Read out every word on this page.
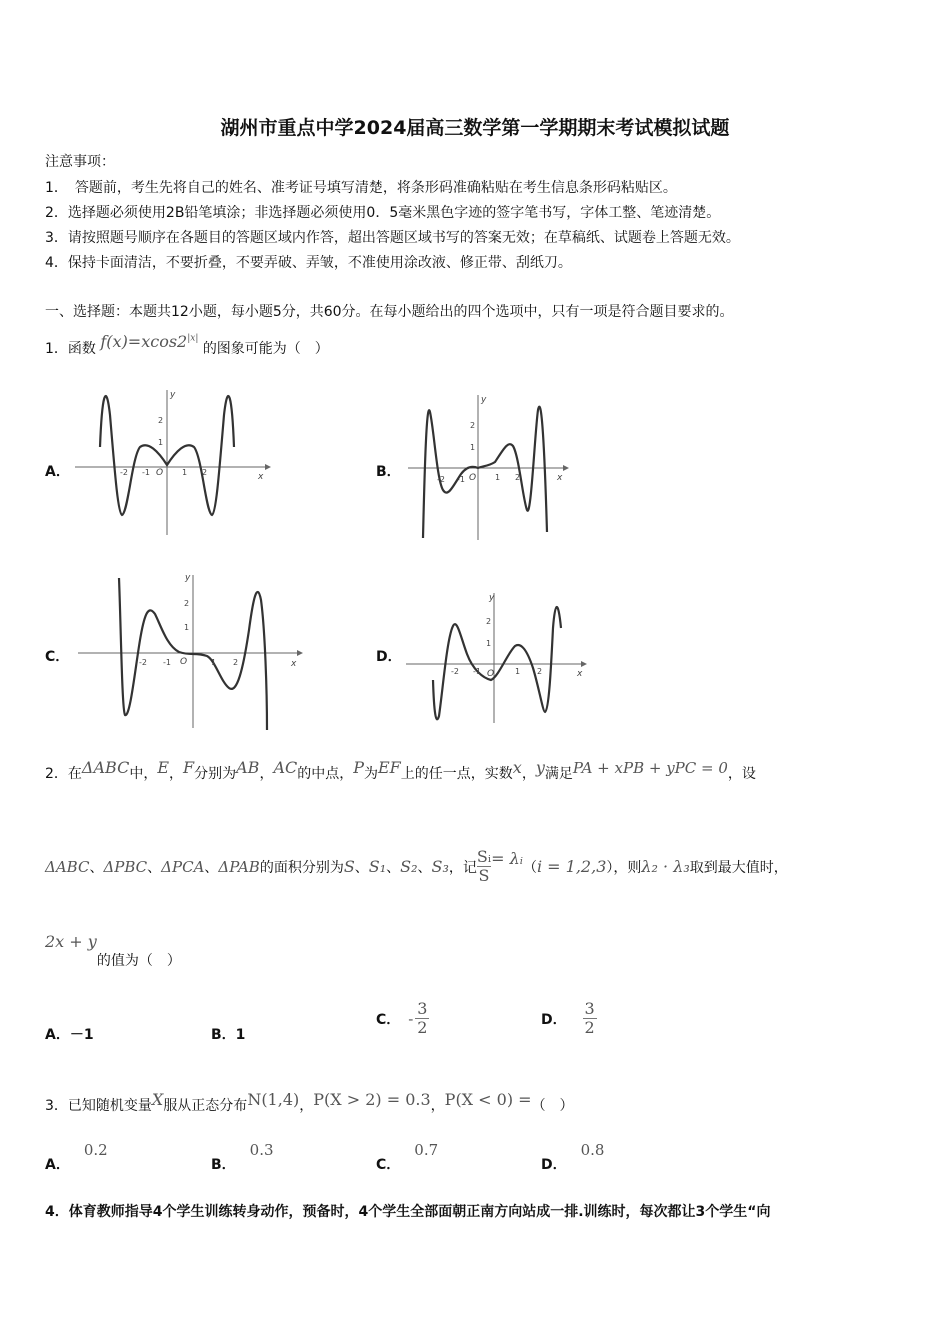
湖州市重点中学2024届高三数学第一学期期末考试模拟试题
注意事项：
1．　答题前，考生先将自己的姓名、准考证号填写清楚，将条形码准确粘贴在考生信息条形码粘贴区。
2．选择题必须使用2B铅笔填涂；非选择题必须使用0．5毫米黑色字迹的签字笔书写，字体工整、笔迹清楚。
3．请按照题号顺序在各题目的答题区域内作答，超出答题区域书写的答案无效；在草稿纸、试题卷上答题无效。
4．保持卡面清洁，不要折叠，不要弄破、弄皱，不准使用涂改液、修正带、刮纸刀。
一、选择题：本题共12小题，每小题5分，共60分。在每小题给出的四个选项中，只有一项是符合题目要求的。
1．函数 $f(x)=xcos2^{|x|}$ 的图象可能为（　）
A．	B．
C．	D．
-2 -1 O 1 2
2
1
y
x	-2 -1 O 1 2
2
1
y
x
-2 -1 O	1 2
2
1
y
x
-2 -1 O	1 2
2
1
y
x
2．在ΔABC中，E，F分别为AB，AC的中点，P为EF上的任一点，实数x，y满足PA + xPB + yPC = 0，设
ΔABC 、 ΔPBC 、 ΔPCA 、 ΔPAB 的面积分别为 S 、 S₁ 、 S₂ 、 S₃ ，记 $\frac{\text{Sᵢ}}{S}$ = λᵢ （ i = 1,2,3 ），则 λ₂ · λ₃ 取到最大值时，
2x + y的值为（　）
A．－1	B．1
C． - $\frac{3}{2}$	D． $\frac{3}{2}$
3．已知随机变量X服从正态分布N(1,4)，P(X > 2) = 0.3，P(X < 0) =（　）
A．0.2
B．0.3
C．0.7
D．0.8
4．体育教师指导4个学生训练转身动作，预备时，4个学生全部面朝正南方向站成一排.训练时，每次都让3个学生“向
